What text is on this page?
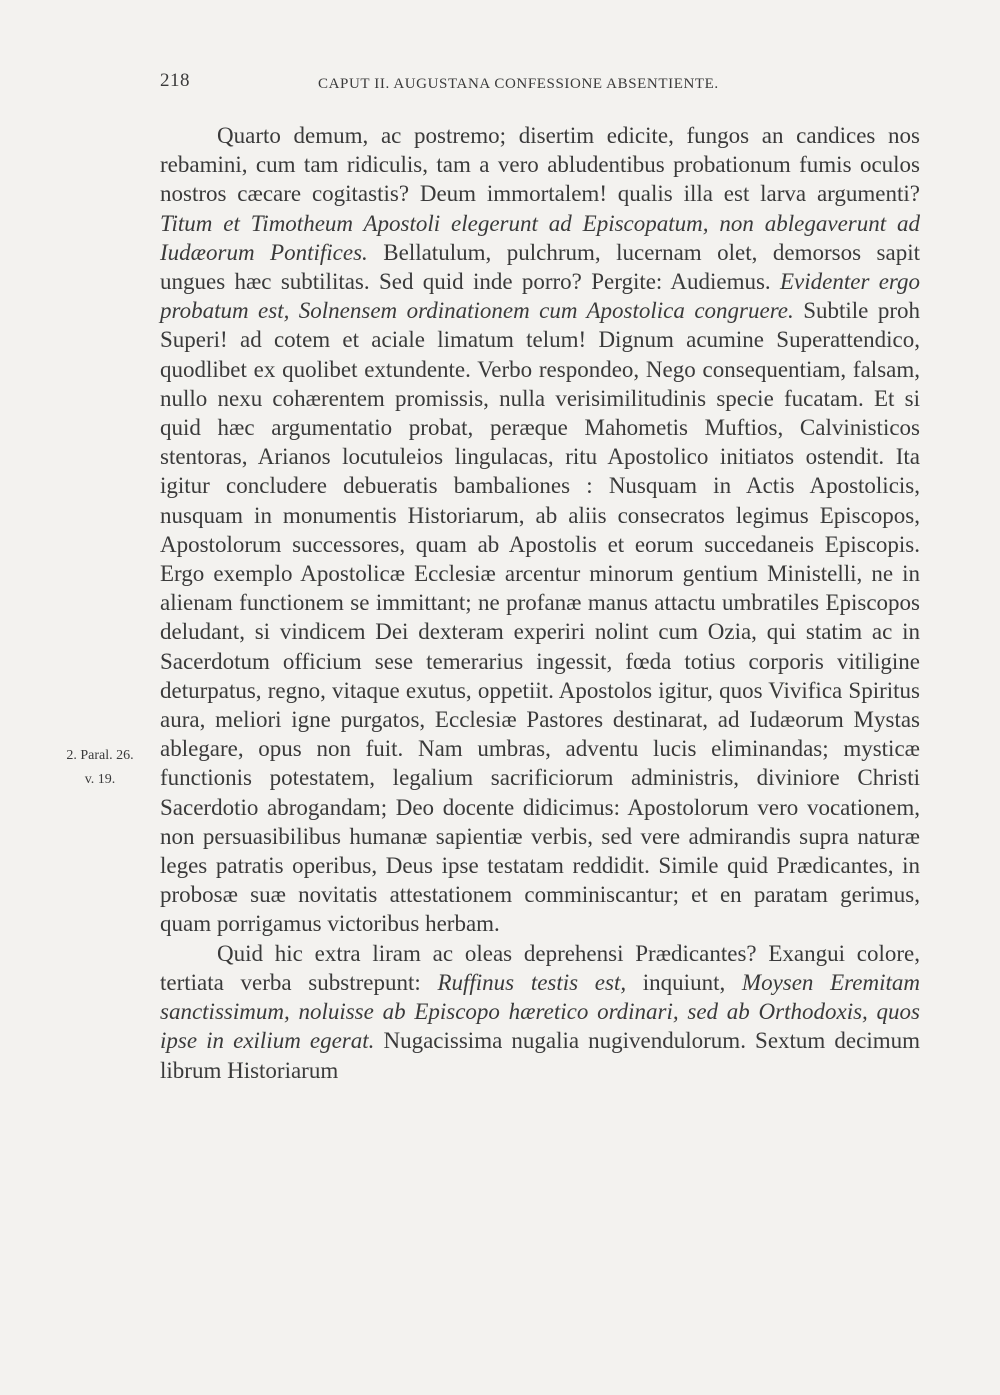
218	CAPUT II. AUGUSTANA CONFESSIONE ABSENTIENTE.
2. Paral. 26.
v. 19.

Quarto demum, ac postremo; disertim edicite, fungos an candices nos rebamini, cum tam ridiculis, tam a vero abludentibus probationum fumis oculos nostros cæcare cogitastis? Deum immortalem! qualis illa est larva argumenti? Titum et Timotheum Apostoli elegerunt ad Episcopatum, non ablegaverunt ad Iudæorum Pontifices. Bellatulum, pulchrum, lucernam olet, demorsos sapit ungues hæc subtilitas. Sed quid inde porro? Pergite: Audiemus. Evidenter ergo probatum est, Solnensem ordinationem cum Apostolica congruere. Subtile proh Superi! ad cotem et aciale limatum telum! Dignum acumine Superattendico, quodlibet ex quolibet extundente. Verbo respondeo, Nego consequentiam, falsam, nullo nexu cohærentem promissis, nulla verisimilitudinis specie fucatam. Et si quid hæc argumentatio probat, peræque Mahometis Muftios, Calvinisticos stentoras, Arianos locutuleios lingulacas, ritu Apostolico initiatos ostendit. Ita igitur concludere debueratis bambaliones : Nusquam in Actis Apostolicis, nusquam in monumentis Historiarum, ab aliis consecratos legimus Episcopos, Apostolorum successores, quam ab Apostolis et eorum succedaneis Episcopis. Ergo exemplo Apostolicæ Ecclesiæ arcentur minorum gentium Ministelli, ne in alienam functionem se immittant; ne profanæ manus attactu umbratiles Episcopos deludant, si vindicem Dei dexteram experiri nolint cum Ozia, qui statim ac in Sacerdotum officium sese temerarius ingessit, fœda totius corporis vitiligine deturpatus, regno, vitaque exutus, oppetiit. Apostolos igitur, quos Vivifica Spiritus aura, meliori igne purgatos, Ecclesiæ Pastores destinarat, ad Iudæorum Mystas ablegare, opus non fuit. Nam umbras, adventu lucis eliminandas; mysticæ functionis potestatem, legalium sacrificiorum administris, diviniore Christi Sacerdotio abrogandam; Deo docente didicimus: Apostolorum vero vocationem, non persuasibilibus humanæ sapientiæ verbis, sed vere admirandis supra naturæ leges patratis operibus, Deus ipse testatam reddidit. Simile quid Prædicantes, in probosæ suæ novitatis attestationem comminiscantur; et en paratam gerimus, quam porrigamus victoribus herbam.

Quid hic extra liram ac oleas deprehensi Prædicantes? Exangui colore, tertiata verba substrepunt: Ruffinus testis est, inquiunt, Moysen Eremitam sanctissimum, noluisse ab Episcopo hæretico ordinari, sed ab Orthodoxis, quos ipse in exilium egerat. Nugacissima nugalia nugivendulorum. Sextum decimum librum Historiarum
